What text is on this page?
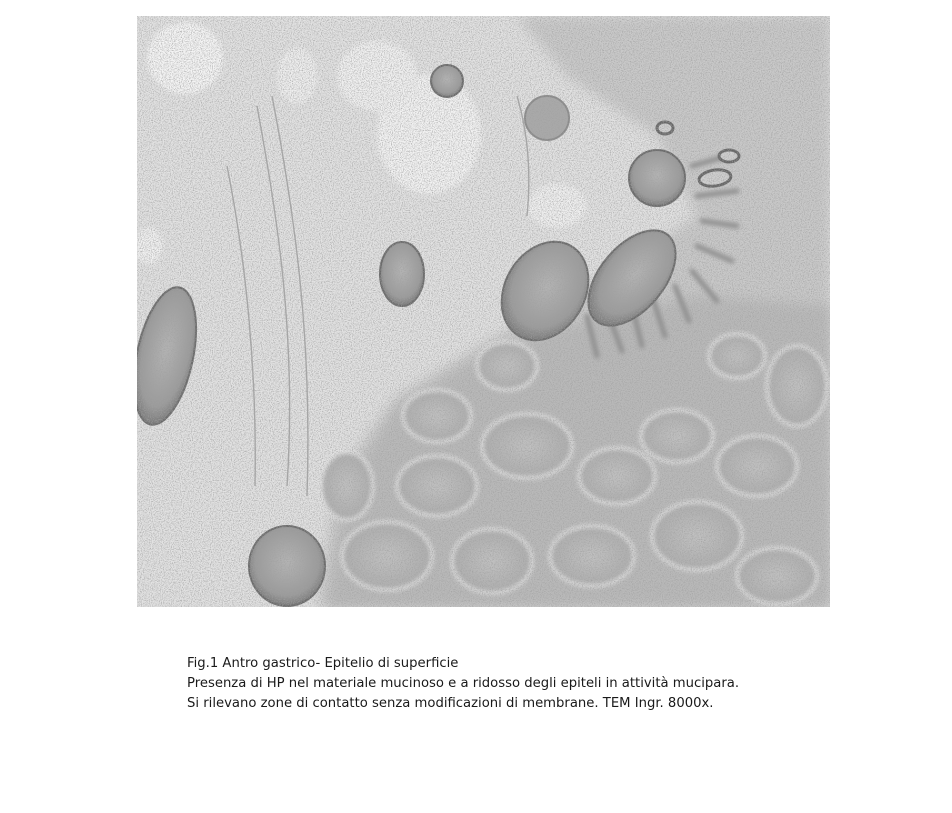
Fig.1 Antro gastrico- Epitelio di superficie
Presenza di HP nel materiale mucinoso e a ridosso degli epiteli in attività mucipara.
Si rilevano zone di contatto senza modificazioni di membrane. TEM Ingr. 8000x.
